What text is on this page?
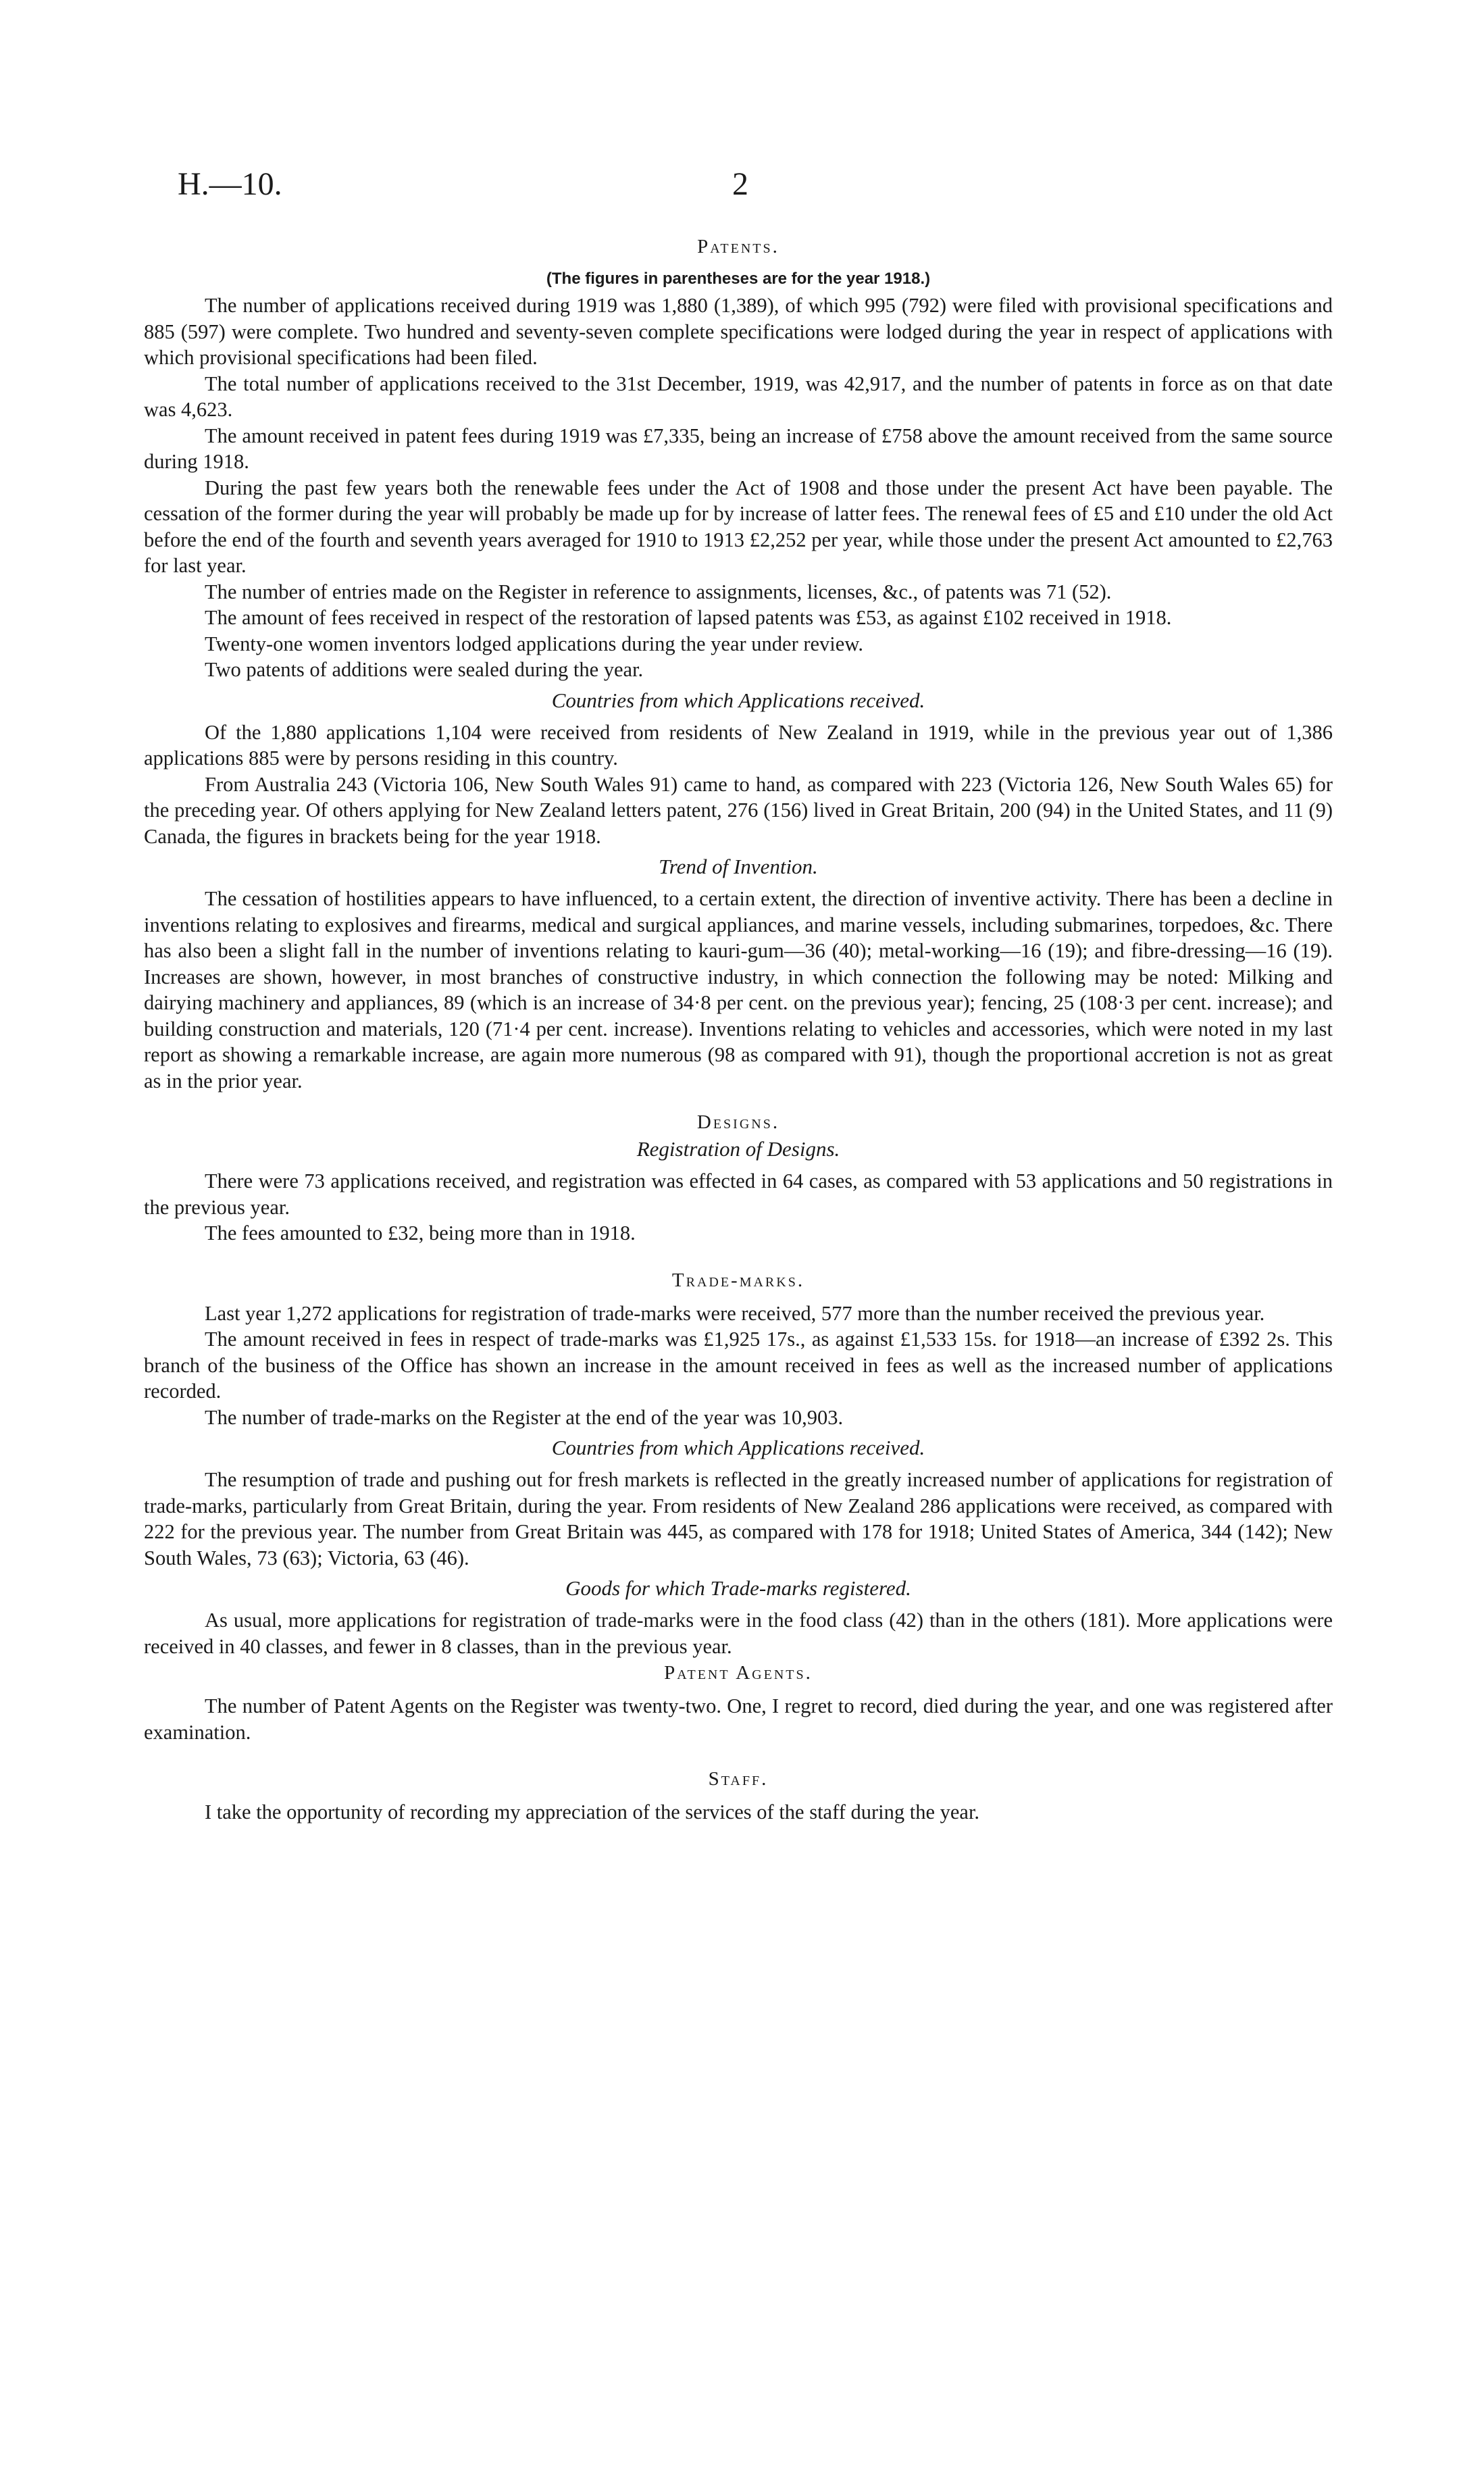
H.—10.	2
Patents.
(The figures in parentheses are for the year 1918.)

The number of applications received during 1919 was 1,880 (1,389), of which 995 (792) were filed with provisional specifications and 885 (597) were complete. Two hundred and seventy-seven complete specifications were lodged during the year in respect of applications with which provisional specifications had been filed.

The total number of applications received to the 31st December, 1919, was 42,917, and the number of patents in force as on that date was 4,623.

The amount received in patent fees during 1919 was £7,335, being an increase of £758 above the amount received from the same source during 1918.

During the past few years both the renewable fees under the Act of 1908 and those under the present Act have been payable. The cessation of the former during the year will probably be made up for by increase of latter fees. The renewal fees of £5 and £10 under the old Act before the end of the fourth and seventh years averaged for 1910 to 1913 £2,252 per year, while those under the present Act amounted to £2,763 for last year.

The number of entries made on the Register in reference to assignments, licenses, &c., of patents was 71 (52).

The amount of fees received in respect of the restoration of lapsed patents was £53, as against £102 received in 1918.

Twenty-one women inventors lodged applications during the year under review.

Two patents of additions were sealed during the year.

Countries from which Applications received.

Of the 1,880 applications 1,104 were received from residents of New Zealand in 1919, while in the previous year out of 1,386 applications 885 were by persons residing in this country.

From Australia 243 (Victoria 106, New South Wales 91) came to hand, as compared with 223 (Victoria 126, New South Wales 65) for the preceding year. Of others applying for New Zealand letters patent, 276 (156) lived in Great Britain, 200 (94) in the United States, and 11 (9) Canada, the figures in brackets being for the year 1918.

Trend of Invention.

The cessation of hostilities appears to have influenced, to a certain extent, the direction of inventive activity. There has been a decline in inventions relating to explosives and firearms, medical and surgical appliances, and marine vessels, including submarines, torpedoes, &c. There has also been a slight fall in the number of inventions relating to kauri-gum—36 (40); metal-working—16 (19); and fibre-dressing—16 (19). Increases are shown, however, in most branches of constructive industry, in which connection the following may be noted: Milking and dairying machinery and appliances, 89 (which is an increase of 34·8 per cent. on the previous year); fencing, 25 (108·3 per cent. increase); and building construction and materials, 120 (71·4 per cent. increase). Inventions relating to vehicles and accessories, which were noted in my last report as showing a remarkable increase, are again more numerous (98 as compared with 91), though the proportional accretion is not as great as in the prior year.

Designs.
Registration of Designs.

There were 73 applications received, and registration was effected in 64 cases, as compared with 53 applications and 50 registrations in the previous year.

The fees amounted to £32, being more than in 1918.

Trade-marks.

Last year 1,272 applications for registration of trade-marks were received, 577 more than the number received the previous year.

The amount received in fees in respect of trade-marks was £1,925 17s., as against £1,533 15s. for 1918—an increase of £392 2s. This branch of the business of the Office has shown an increase in the amount received in fees as well as the increased number of applications recorded.

The number of trade-marks on the Register at the end of the year was 10,903.

Countries from which Applications received.

The resumption of trade and pushing out for fresh markets is reflected in the greatly increased number of applications for registration of trade-marks, particularly from Great Britain, during the year. From residents of New Zealand 286 applications were received, as compared with 222 for the previous year. The number from Great Britain was 445, as compared with 178 for 1918; United States of America, 344 (142); New South Wales, 73 (63); Victoria, 63 (46).

Goods for which Trade-marks registered.

As usual, more applications for registration of trade-marks were in the food class (42) than in the others (181). More applications were received in 40 classes, and fewer in 8 classes, than in the previous year.

Patent Agents.

The number of Patent Agents on the Register was twenty-two. One, I regret to record, died during the year, and one was registered after examination.

Staff.

I take the opportunity of recording my appreciation of the services of the staff during the year.
